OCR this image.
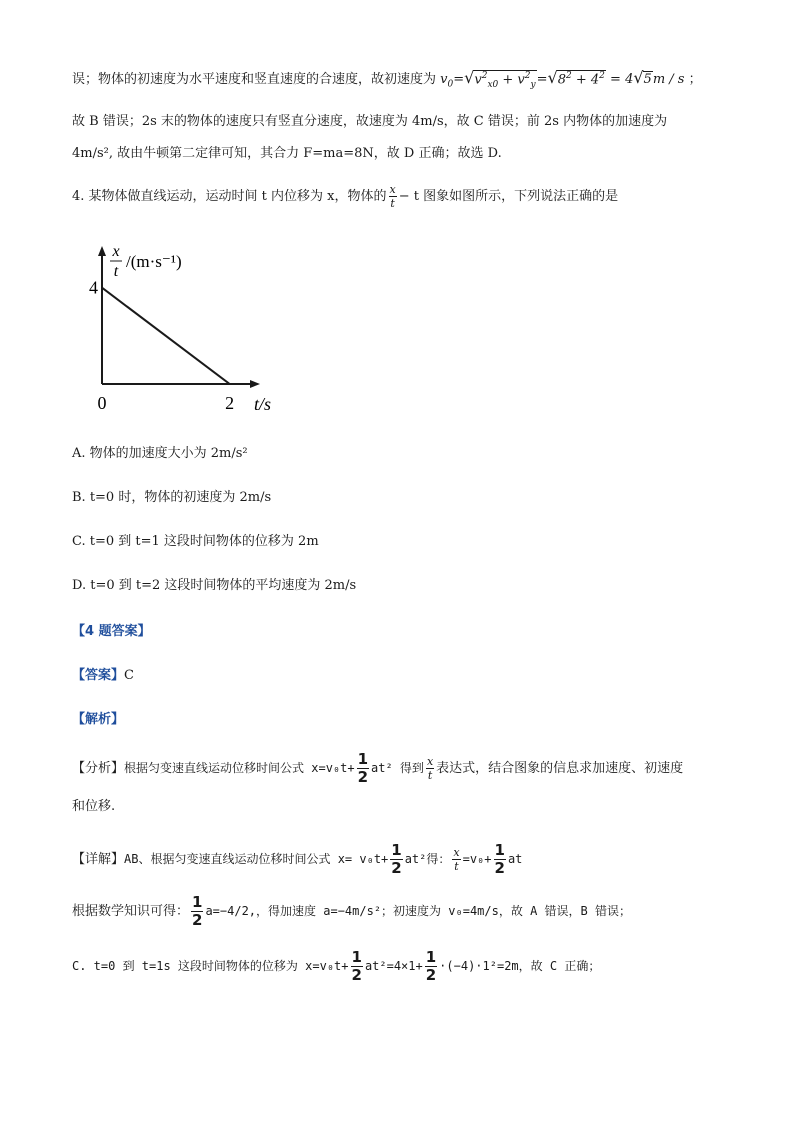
误；物体的初速度为水平速度和竖直速度的合速度，故初速度为 $v_0=√v^2_{x0} + v^2_y=√8^2 + 4^2 = 4√5m / s$ ；
故 B 错误；2s 末的物体的速度只有竖直分速度，故速度为 4m/s，故 C 错误；前 2s 内物体的加速度为
4m/s², 故由牛顿第二定律可知，其合力 F=ma=8N，故 D 正确；故选 D.
4. 某物体做直线运动，运动时间 t 内位移为 x，物体的 $\frac{x}{t} - t$ 图象如图所示，下列说法正确的是
4
2
0	t/s
x
t
/(m·s⁻¹)
A. 物体的加速度大小为 2m/s²
B. t=0 时，物体的初速度为 2m/s
C. t=0 到 t=1 这段时间物体的位移为 2m
D. t=0 到 t=2 这段时间物体的平均速度为 2m/s
【4 题答案】
【答案】C
【解析】
【分析】根据匀变速直线运动位移时间公式 $x=v_0t+ \frac{1}{2} at^2$ 得到 $\frac{x}{t}$ 表达式，结合图象的信息求加速度、初速度
和位移.
【详解】AB、根据匀变速直线运动位移时间公式 $x= v_0t+ \frac{1}{2} at^2$得： $\frac{x}{t} =v_0+ \frac{1}{2}$ at
根据数学知识可得： $\frac{1}{2} a=-4/2$,，得加速度 a=−4m/s²；初速度为 v₀=4m/s，故 A 错误，B 错误；
C. t=0 到 t=1s 这段时间物体的位移为 $x=v_0t+ \frac{1}{2} at^2=4\times 1+ \frac{1}{2} \cdot(-4)\cdot 1^2=2m$，故 C 正确；
